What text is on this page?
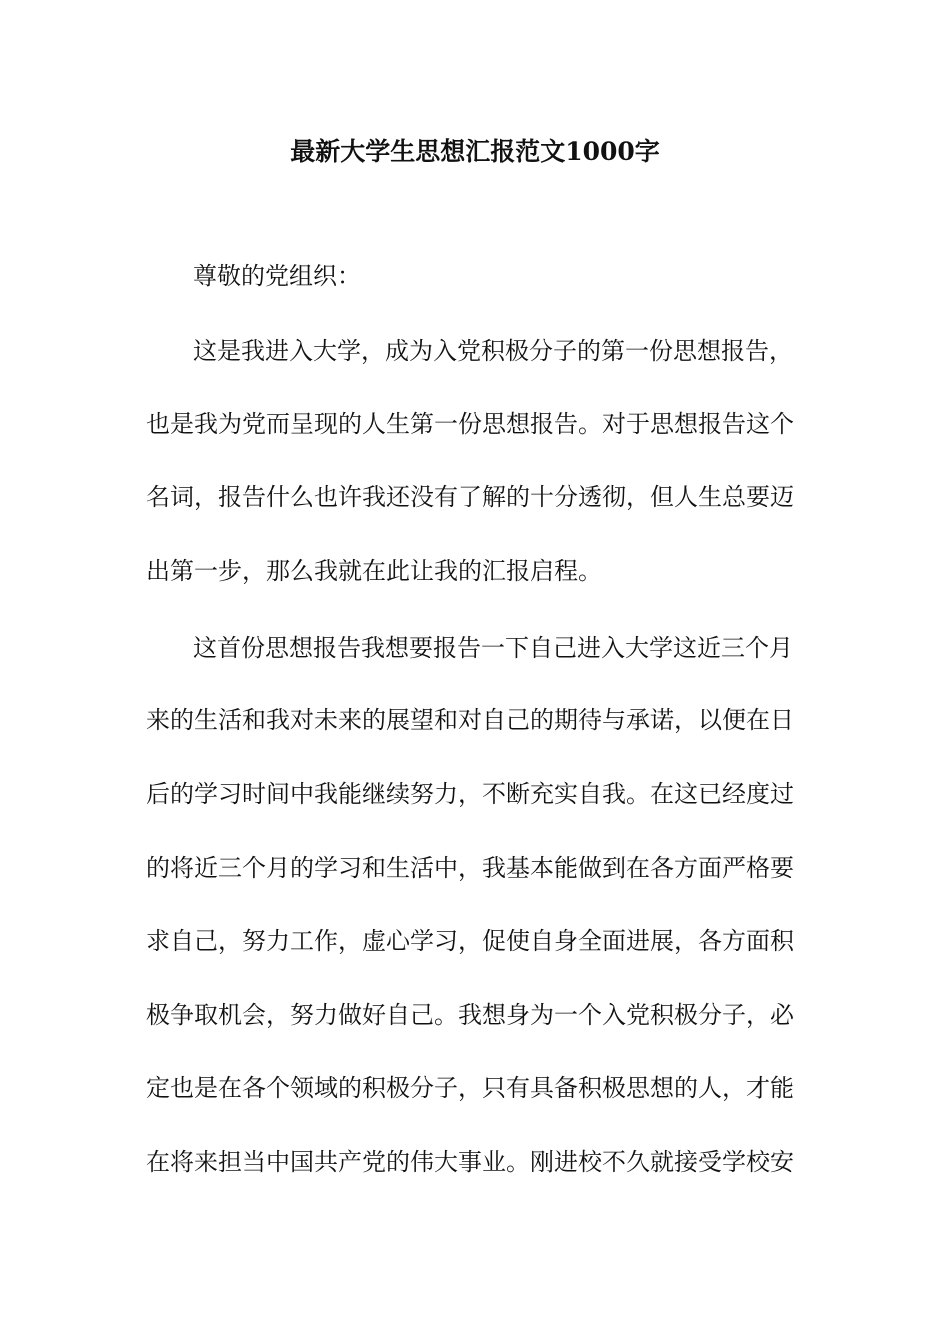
最新大学生思想汇报范文1000字
尊敬的党组织：
这是我进入大学，成为入党积极分子的第一份思想报告，
也是我为党而呈现的人生第一份思想报告。对于思想报告这个
名词，报告什么也许我还没有了解的十分透彻，但人生总要迈
出第一步，那么我就在此让我的汇报启程。
这首份思想报告我想要报告一下自己进入大学这近三个月
来的生活和我对未来的展望和对自己的期待与承诺，以便在日
后的学习时间中我能继续努力，不断充实自我。在这已经度过
的将近三个月的学习和生活中，我基本能做到在各方面严格要
求自己，努力工作，虚心学习，促使自身全面进展，各方面积
极争取机会，努力做好自己。我想身为一个入党积极分子，必
定也是在各个领域的积极分子，只有具备积极思想的人，才能
在将来担当中国共产党的伟大事业。刚进校不久就接受学校安
